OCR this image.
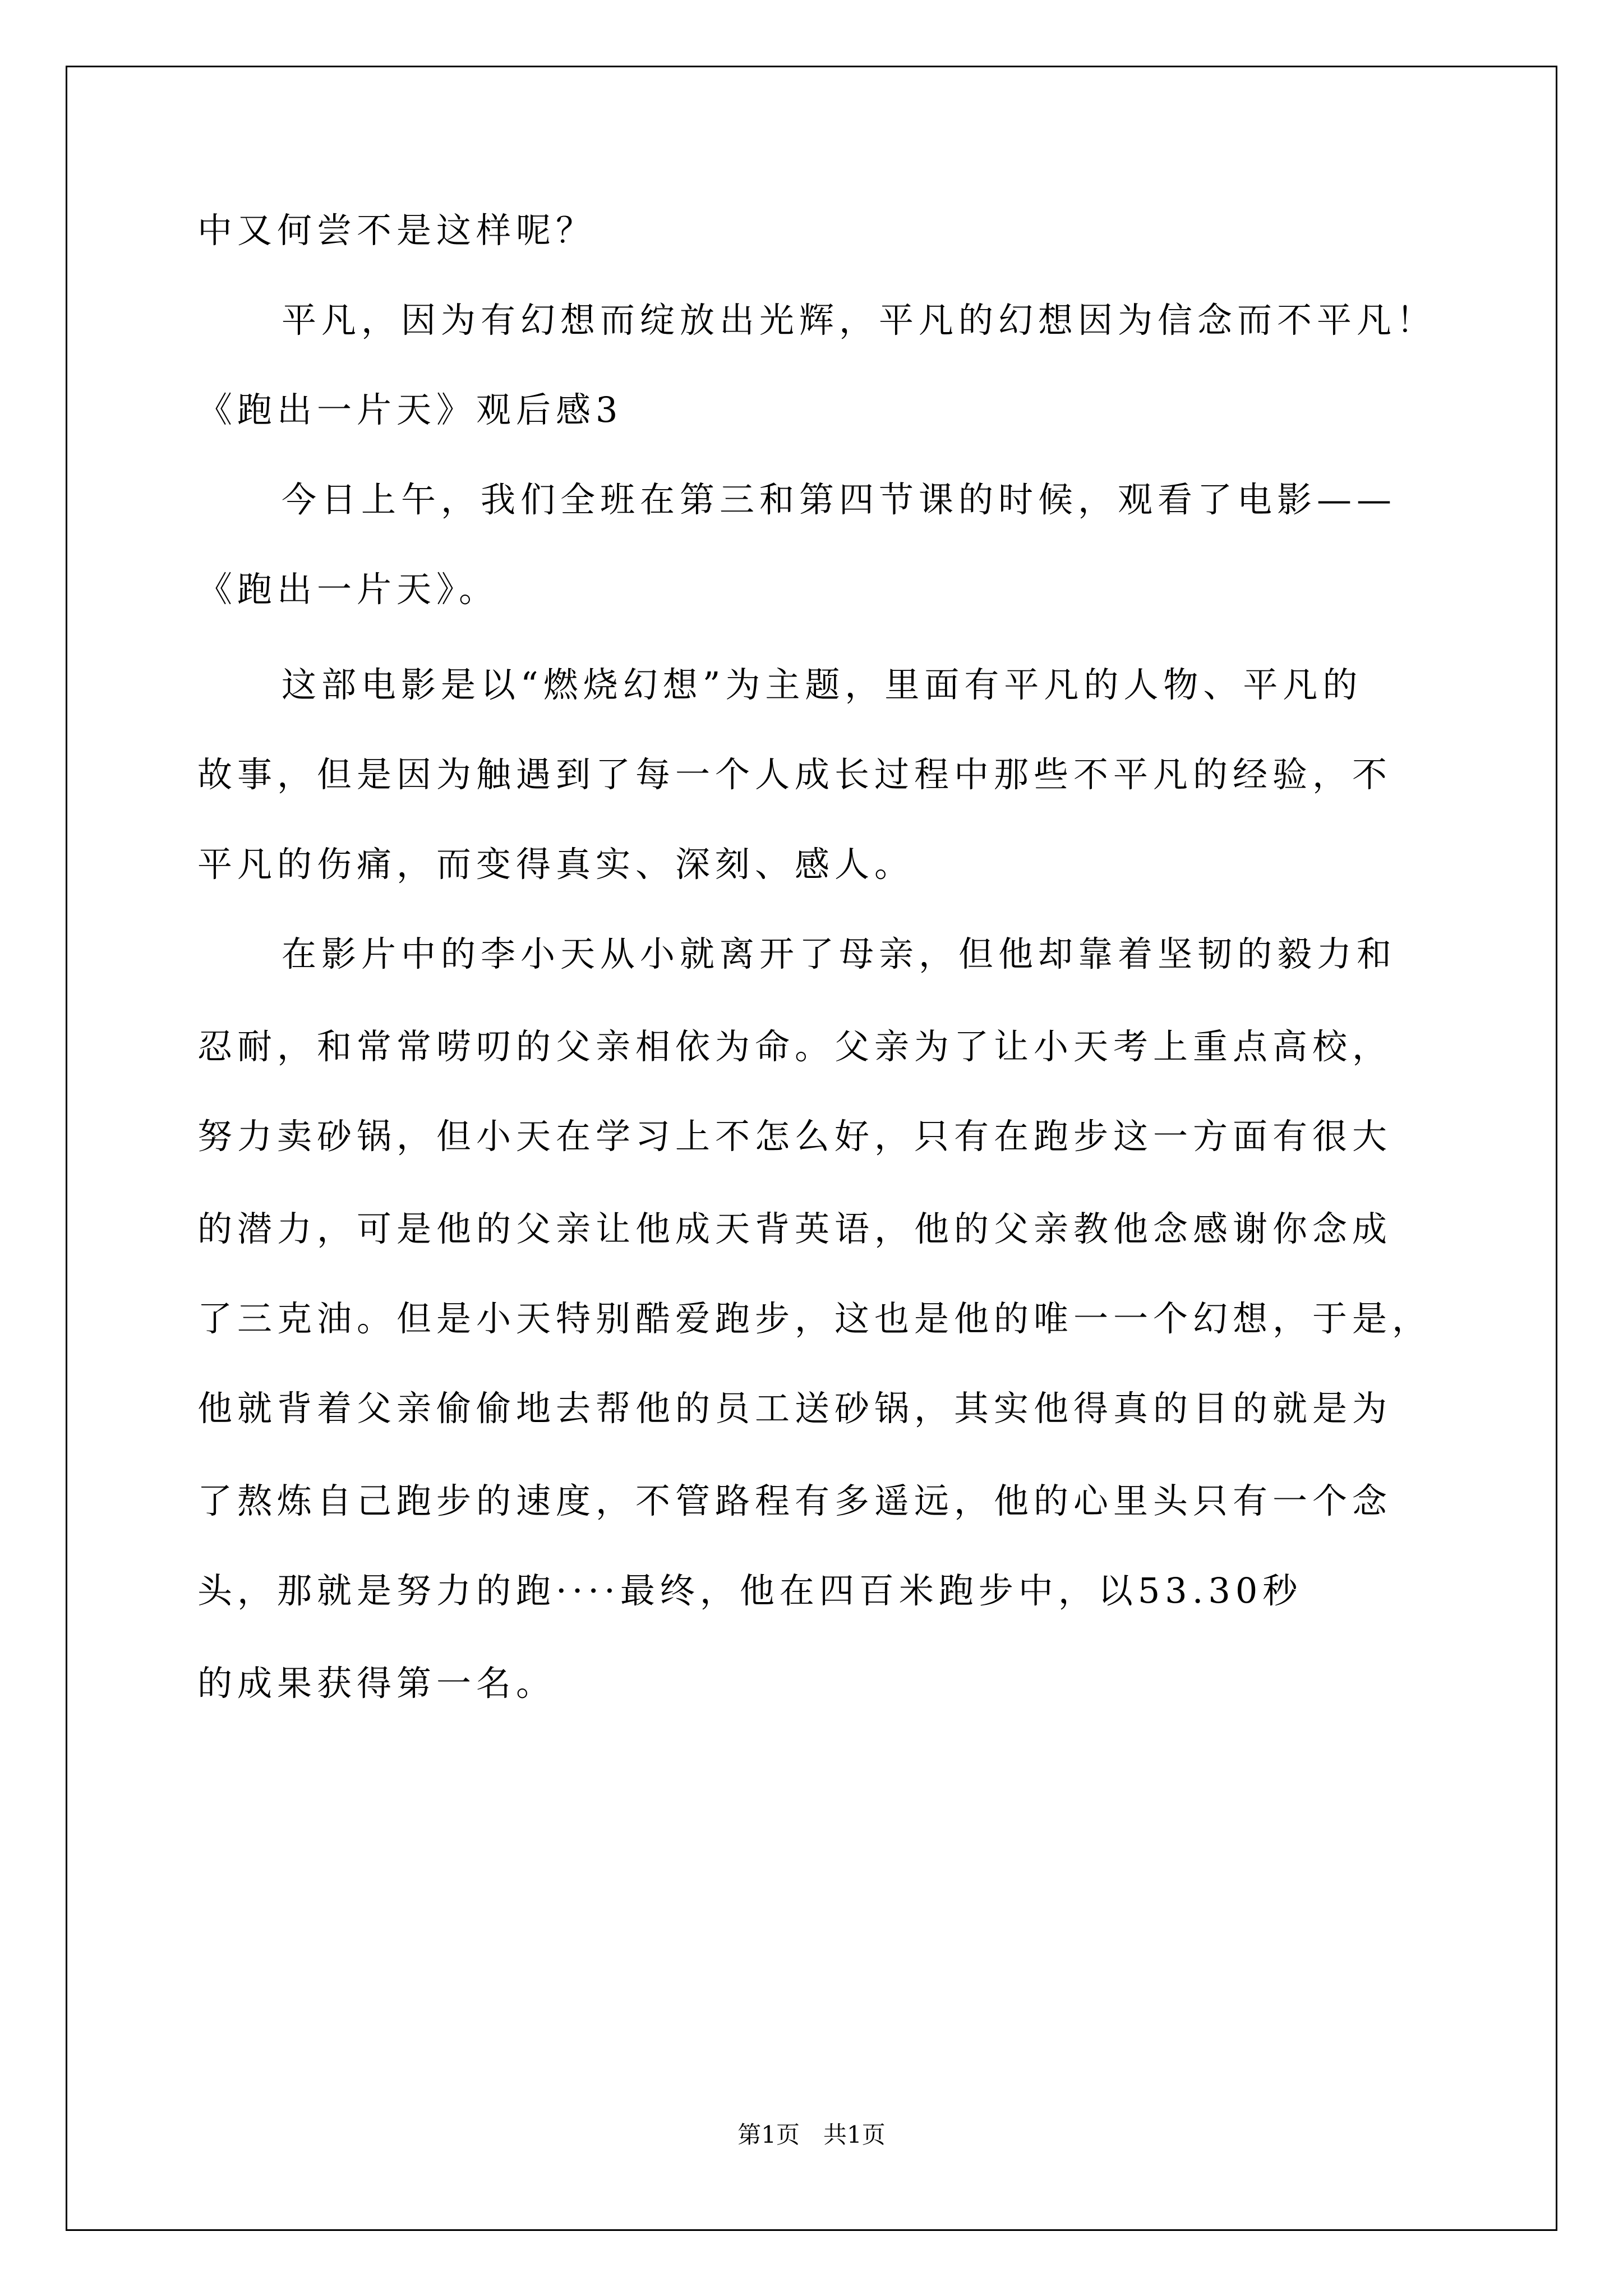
中又何尝不是这样呢？
平凡，因为有幻想而绽放出光辉，平凡的幻想因为信念而不平凡！
《跑出一片天》观后感3
今日上午，我们全班在第三和第四节课的时候，观看了电影——
《跑出一片天》。
这部电影是以“燃烧幻想”为主题，里面有平凡的人物、平凡的
故事，但是因为触遇到了每一个人成长过程中那些不平凡的经验，不
平凡的伤痛，而变得真实、深刻、感人。
在影片中的李小天从小就离开了母亲，但他却靠着坚韧的毅力和
忍耐，和常常唠叨的父亲相依为命。父亲为了让小天考上重点高校，
努力卖砂锅，但小天在学习上不怎么好，只有在跑步这一方面有很大
的潜力，可是他的父亲让他成天背英语，他的父亲教他念感谢你念成
了三克油。但是小天特别酷爱跑步，这也是他的唯一一个幻想，于是，
他就背着父亲偷偷地去帮他的员工送砂锅，其实他得真的目的就是为
了熬炼自己跑步的速度，不管路程有多遥远，他的心里头只有一个念
头，那就是努力的跑····最终，他在四百米跑步中，以53.30秒
的成果获得第一名。
第1页　共1页
